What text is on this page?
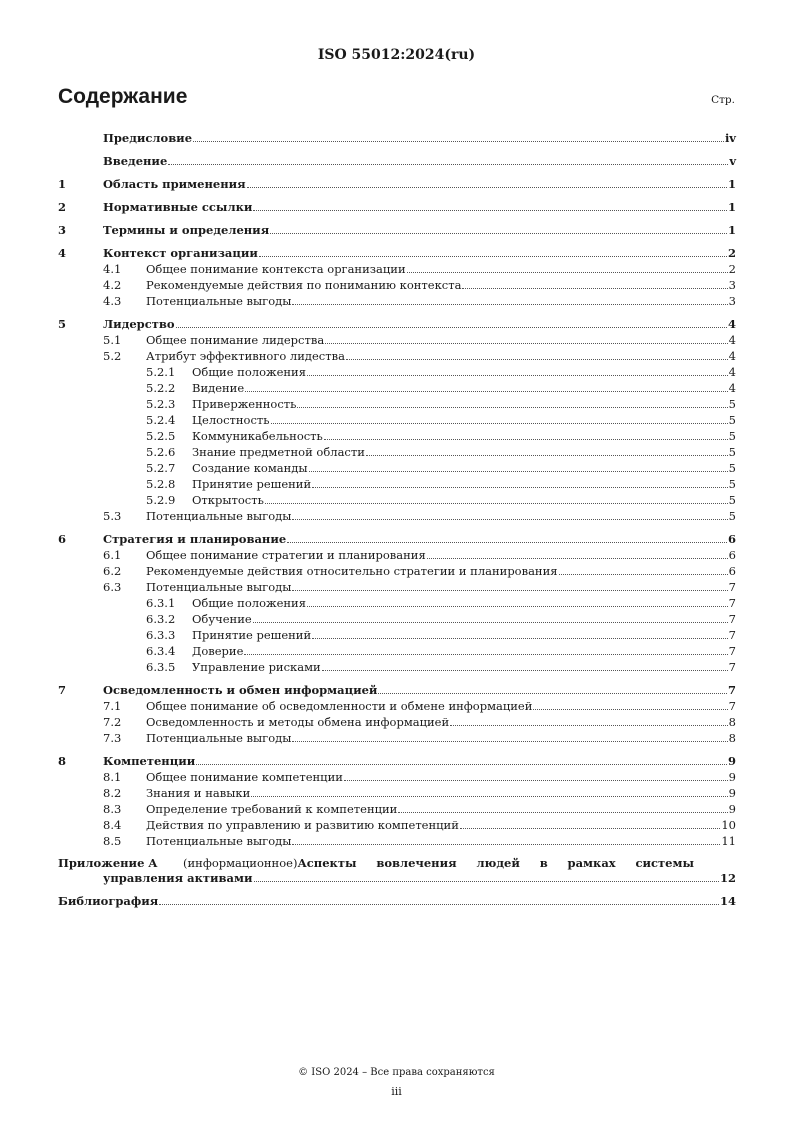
ISO 55012:2024(ru)
Содержание	Стр.
Предисловие	iv
Введение	v
1	Область применения	1
2	Нормативные ссылки	1
3	Термины и определения	1
4	Контекст организации	2
4.1	Общее понимание контекста организации	2
4.2	Рекомендуемые действия по пониманию контекста	3
4.3	Потенциальные выгоды	3
5	Лидерство	4
5.1	Общее понимание лидерства	4
5.2	Атрибут эффективного лидества	4
5.2.1	Общие положения	4
5.2.2	Видение	4
5.2.3	Приверженность	5
5.2.4	Целостность	5
5.2.5	Коммуникабельность	5
5.2.6	Знание предметной области	5
5.2.7	Создание команды	5
5.2.8	Принятие решений	5
5.2.9	Открытость	5
5.3	Потенциальные выгоды	5
6	Стратегия и планирование	6
6.1	Общее понимание стратегии и планирования	6
6.2	Рекомендуемые действия относительно стратегии и планирования	6
6.3	Потенциальные выгоды	7
6.3.1	Общие положения	7
6.3.2	Обучение	7
6.3.3	Принятие решений	7
6.3.4	Доверие	7
6.3.5	Управление рисками	7
7	Осведомленность и обмен информацией	7
7.1	Общее понимание об осведомленности и обмене информацией	7
7.2	Осведомленность и методы обмена информацией	8
7.3	Потенциальные выгоды	8
8	Компетенции	9
8.1	Общее понимание компетенции	9
8.2	Знания и навыки	9
8.3	Определение требований к компетенции	9
8.4	Действия по управлению и развитию компетенций	10
8.5	Потенциальные выгоды	11
Приложение A	(информационное)Аспекты вовлечения людей в рамках системы
управления активами	12
Библиография	14
© ISO 2024 – Все права сохраняются
iii
